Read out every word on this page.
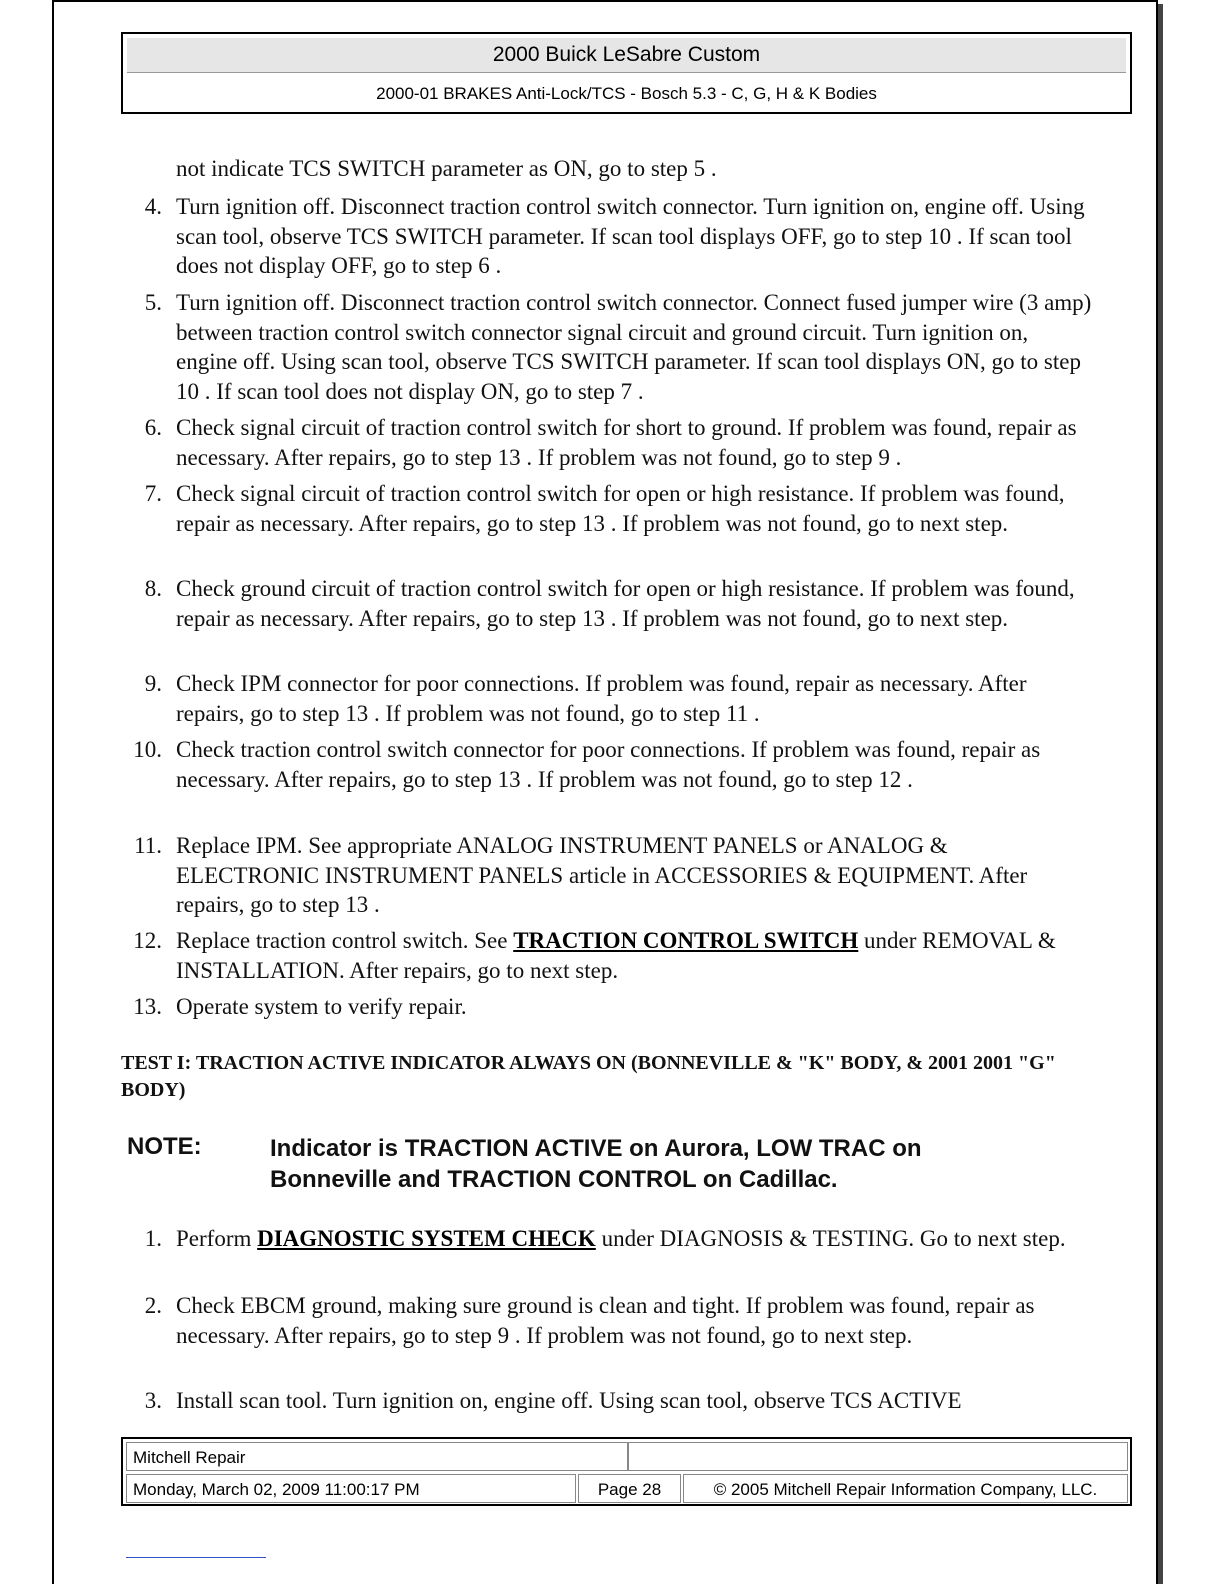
2000 Buick LeSabre Custom
2000-01 BRAKES Anti-Lock/TCS - Bosch 5.3 - C, G, H & K Bodies
not indicate TCS SWITCH parameter as ON, go to step 5 .
4. Turn ignition off. Disconnect traction control switch connector. Turn ignition on, engine off. Using scan tool, observe TCS SWITCH parameter. If scan tool displays OFF, go to step 10 . If scan tool does not display OFF, go to step 6 .
5. Turn ignition off. Disconnect traction control switch connector. Connect fused jumper wire (3 amp) between traction control switch connector signal circuit and ground circuit. Turn ignition on, engine off. Using scan tool, observe TCS SWITCH parameter. If scan tool displays ON, go to step 10 . If scan tool does not display ON, go to step 7 .
6. Check signal circuit of traction control switch for short to ground. If problem was found, repair as necessary. After repairs, go to step 13 . If problem was not found, go to step 9 .
7. Check signal circuit of traction control switch for open or high resistance. If problem was found, repair as necessary. After repairs, go to step 13 . If problem was not found, go to next step.
8. Check ground circuit of traction control switch for open or high resistance. If problem was found, repair as necessary. After repairs, go to step 13 . If problem was not found, go to next step.
9. Check IPM connector for poor connections. If problem was found, repair as necessary. After repairs, go to step 13 . If problem was not found, go to step 11 .
10. Check traction control switch connector for poor connections. If problem was found, repair as necessary. After repairs, go to step 13 . If problem was not found, go to step 12 .
11. Replace IPM. See appropriate ANALOG INSTRUMENT PANELS or ANALOG & ELECTRONIC INSTRUMENT PANELS article in ACCESSORIES & EQUIPMENT. After repairs, go to step 13 .
12. Replace traction control switch. See TRACTION CONTROL SWITCH under REMOVAL & INSTALLATION. After repairs, go to next step.
13. Operate system to verify repair.
TEST I: TRACTION ACTIVE INDICATOR ALWAYS ON (BONNEVILLE & "K" BODY, & 2001 2001 "G" BODY)
NOTE:	Indicator is TRACTION ACTIVE on Aurora, LOW TRAC on Bonneville and TRACTION CONTROL on Cadillac.
1. Perform DIAGNOSTIC SYSTEM CHECK under DIAGNOSIS & TESTING. Go to next step.
2. Check EBCM ground, making sure ground is clean and tight. If problem was found, repair as necessary. After repairs, go to step 9 . If problem was not found, go to next step.
3. Install scan tool. Turn ignition on, engine off. Using scan tool, observe TCS ACTIVE
Mitchell Repair
Monday, March 02, 2009 11:00:17 PM	Page 28	© 2005 Mitchell Repair Information Company, LLC.
